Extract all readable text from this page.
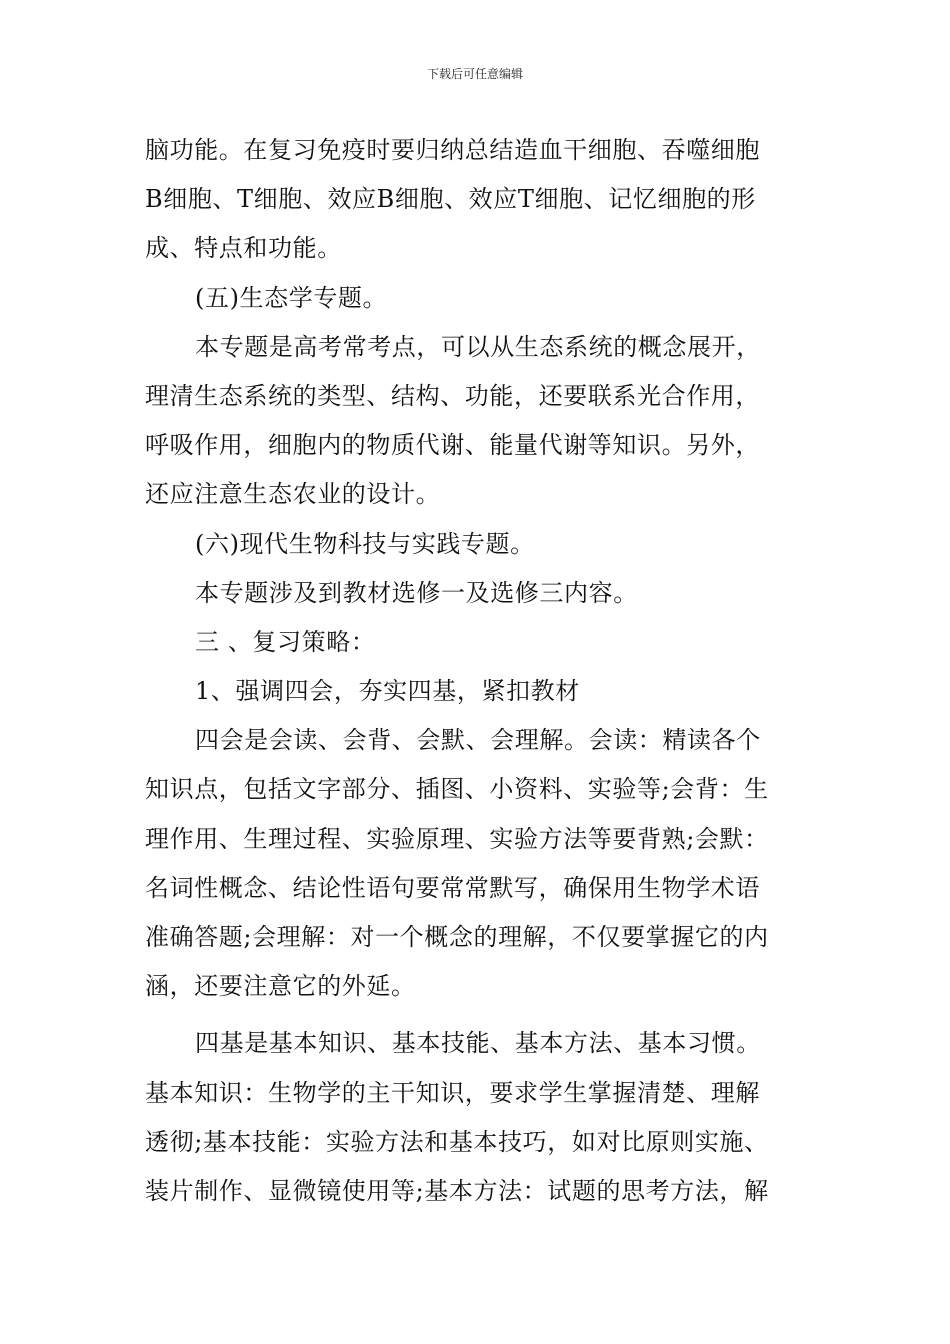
下载后可任意编辑
脑功能。在复习免疫时要归纳总结造血干细胞、吞噬细胞
B细胞、T细胞、效应B细胞、效应T细胞、记忆细胞的形
成、特点和功能。
(五)生态学专题。
本专题是高考常考点，可以从生态系统的概念展开，
理清生态系统的类型、结构、功能，还要联系光合作用，
呼吸作用，细胞内的物质代谢、能量代谢等知识。另外，
还应注意生态农业的设计。
(六)现代生物科技与实践专题。
本专题涉及到教材选修一及选修三内容。
三 、复习策略：
1、强调四会，夯实四基，紧扣教材
四会是会读、会背、会默、会理解。会读：精读各个
知识点，包括文字部分、插图、小资料、实验等;会背：生
理作用、生理过程、实验原理、实验方法等要背熟;会默：
名词性概念、结论性语句要常常默写，确保用生物学术语
准确答题;会理解：对一个概念的理解，不仅要掌握它的内
涵，还要注意它的外延。
四基是基本知识、基本技能、基本方法、基本习惯。
基本知识：生物学的主干知识，要求学生掌握清楚、理解
透彻;基本技能：实验方法和基本技巧，如对比原则实施、
装片制作、显微镜使用等;基本方法：试题的思考方法，解
